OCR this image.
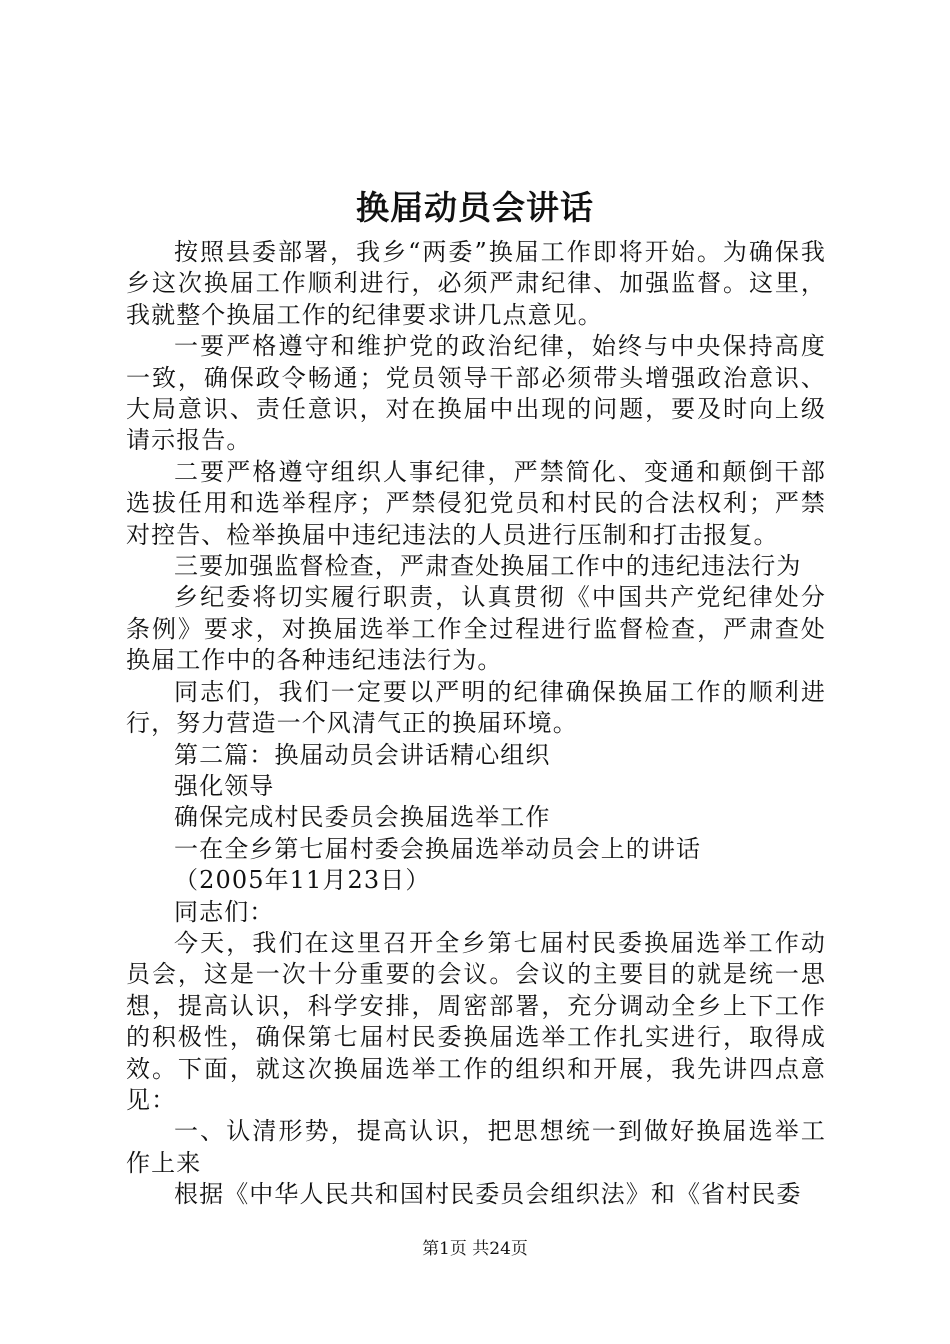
换届动员会讲话

按照县委部署，我乡“两委”换届工作即将开始。为确保我乡这次换届工作顺利进行，必须严肃纪律、加强监督。这里，我就整个换届工作的纪律要求讲几点意见。

一要严格遵守和维护党的政治纪律，始终与中央保持高度一致，确保政令畅通；党员领导干部必须带头增强政治意识、大局意识、责任意识，对在换届中出现的问题，要及时向上级请示报告。

二要严格遵守组织人事纪律，严禁简化、变通和颠倒干部选拔任用和选举程序；严禁侵犯党员和村民的合法权利；严禁对控告、检举换届中违纪违法的人员进行压制和打击报复。

三要加强监督检查，严肃查处换届工作中的违纪违法行为

乡纪委将切实履行职责，认真贯彻《中国共产党纪律处分条例》要求，对换届选举工作全过程进行监督检查，严肃查处换届工作中的各种违纪违法行为。

同志们，我们一定要以严明的纪律确保换届工作的顺利进行，努力营造一个风清气正的换届环境。

第二篇：换届动员会讲话精心组织

强化领导

确保完成村民委员会换届选举工作

一在全乡第七届村委会换届选举动员会上的讲话

（2005年11月23日）

同志们：

今天，我们在这里召开全乡第七届村民委换届选举工作动员会，这是一次十分重要的会议。会议的主要目的就是统一思想，提高认识，科学安排，周密部署，充分调动全乡上下工作的积极性，确保第七届村民委换届选举工作扎实进行，取得成效。下面，就这次换届选举工作的组织和开展，我先讲四点意见：

一、认清形势，提高认识，把思想统一到做好换届选举工作上来

根据《中华人民共和国村民委员会组织法》和《省村民委

第1页 共24页
